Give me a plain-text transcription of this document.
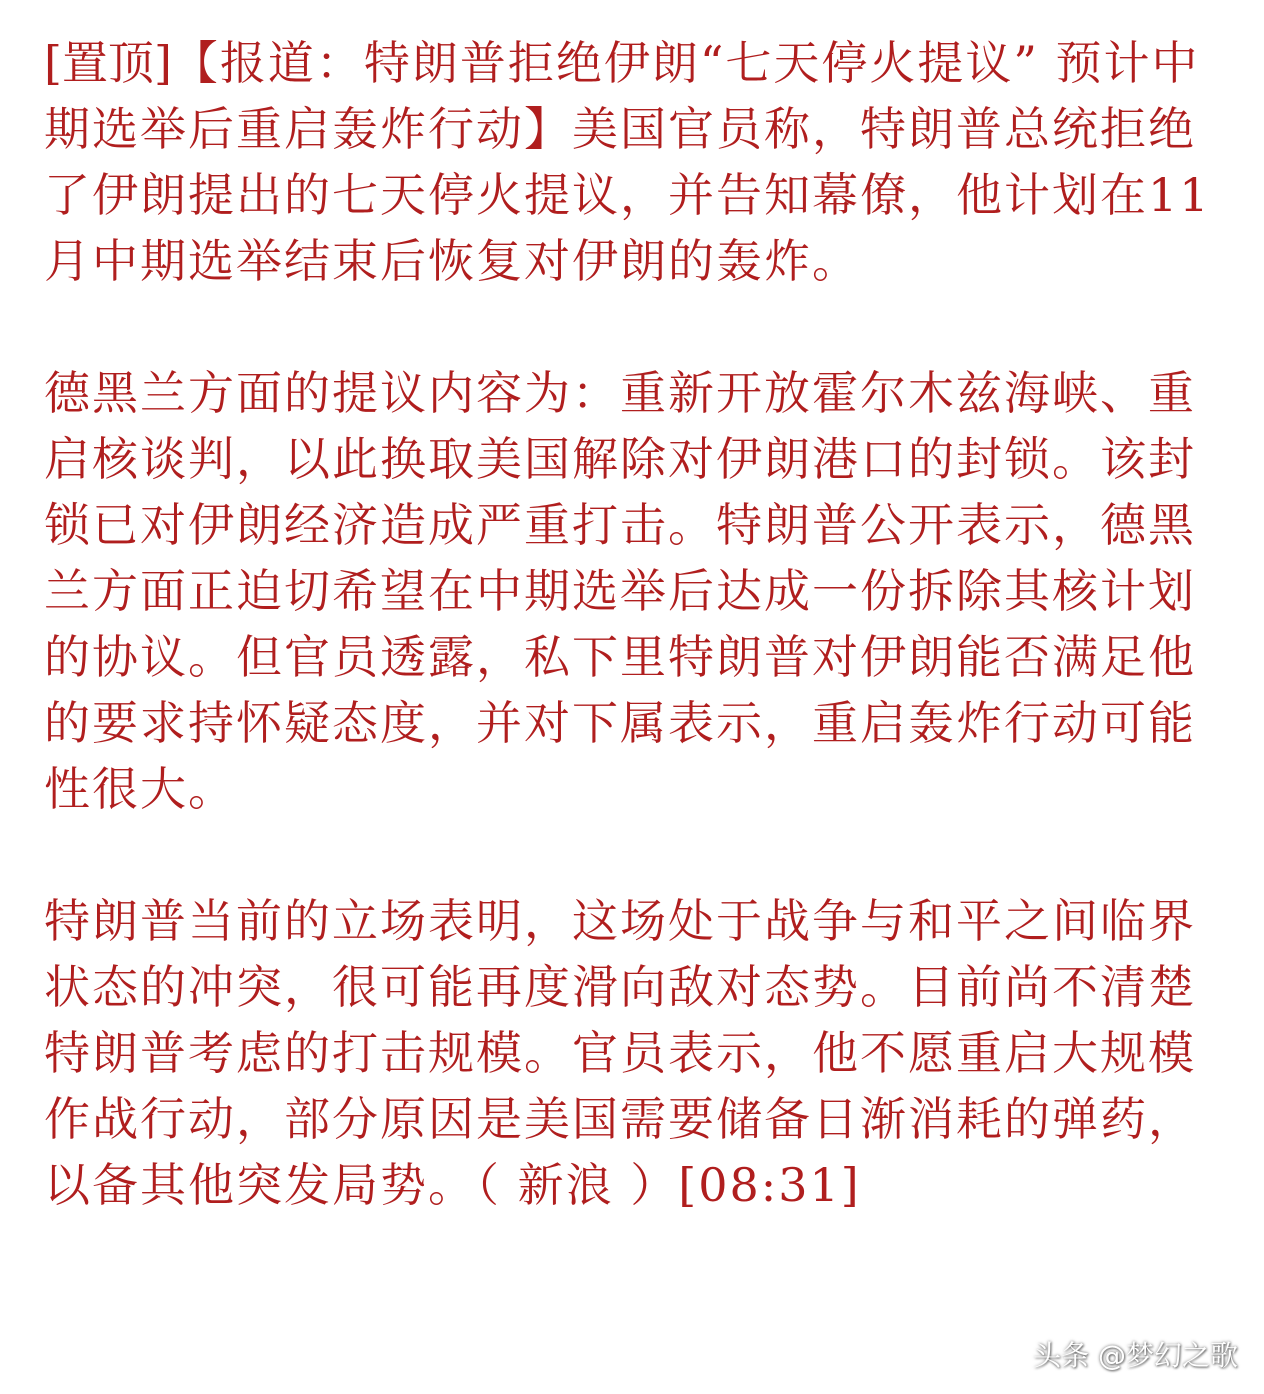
[置顶]【报道：特朗普拒绝伊朗“七天停火提议” 预计中期选举后重启轰炸行动】美国官员称，特朗普总统拒绝了伊朗提出的七天停火提议，并告知幕僚，他计划在11月中期选举结束后恢复对伊朗的轰炸。

德黑兰方面的提议内容为：重新开放霍尔木兹海峡、重启核谈判，以此换取美国解除对伊朗港口的封锁。该封锁已对伊朗经济造成严重打击。特朗普公开表示，德黑兰方面正迫切希望在中期选举后达成一份拆除其核计划的协议。但官员透露，私下里特朗普对伊朗能否满足他的要求持怀疑态度，并对下属表示，重启轰炸行动可能性很大。

特朗普当前的立场表明，这场处于战争与和平之间临界状态的冲突，很可能再度滑向敌对态势。目前尚不清楚特朗普考虑的打击规模。官员表示，他不愿重启大规模作战行动，部分原因是美国需要储备日渐消耗的弹药，以备其他突发局势。（ 新浪 ）[08:31]

头条 @梦幻之歌
